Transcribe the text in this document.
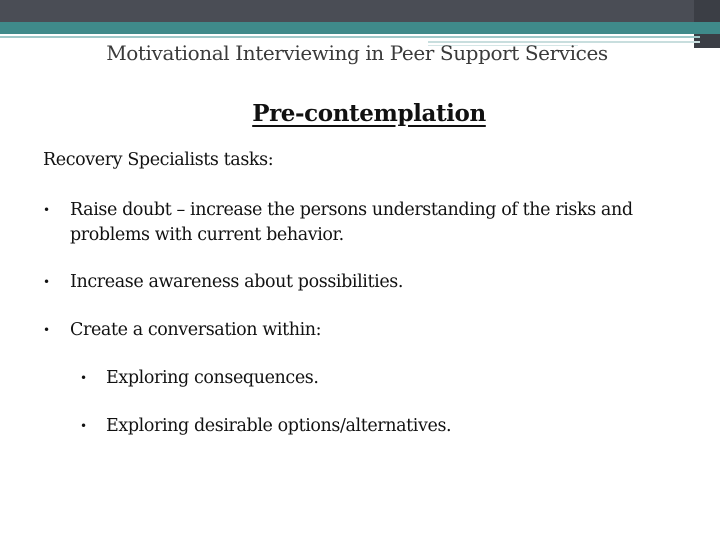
Motivational Interviewing in Peer Support Services
Pre-contemplation
Recovery Specialists tasks:
• Raise doubt – increase the persons understanding of the risks and problems with current behavior.
• Increase awareness about possibilities.
• Create a conversation within:
• Exploring consequences.
• Exploring desirable options/alternatives.
